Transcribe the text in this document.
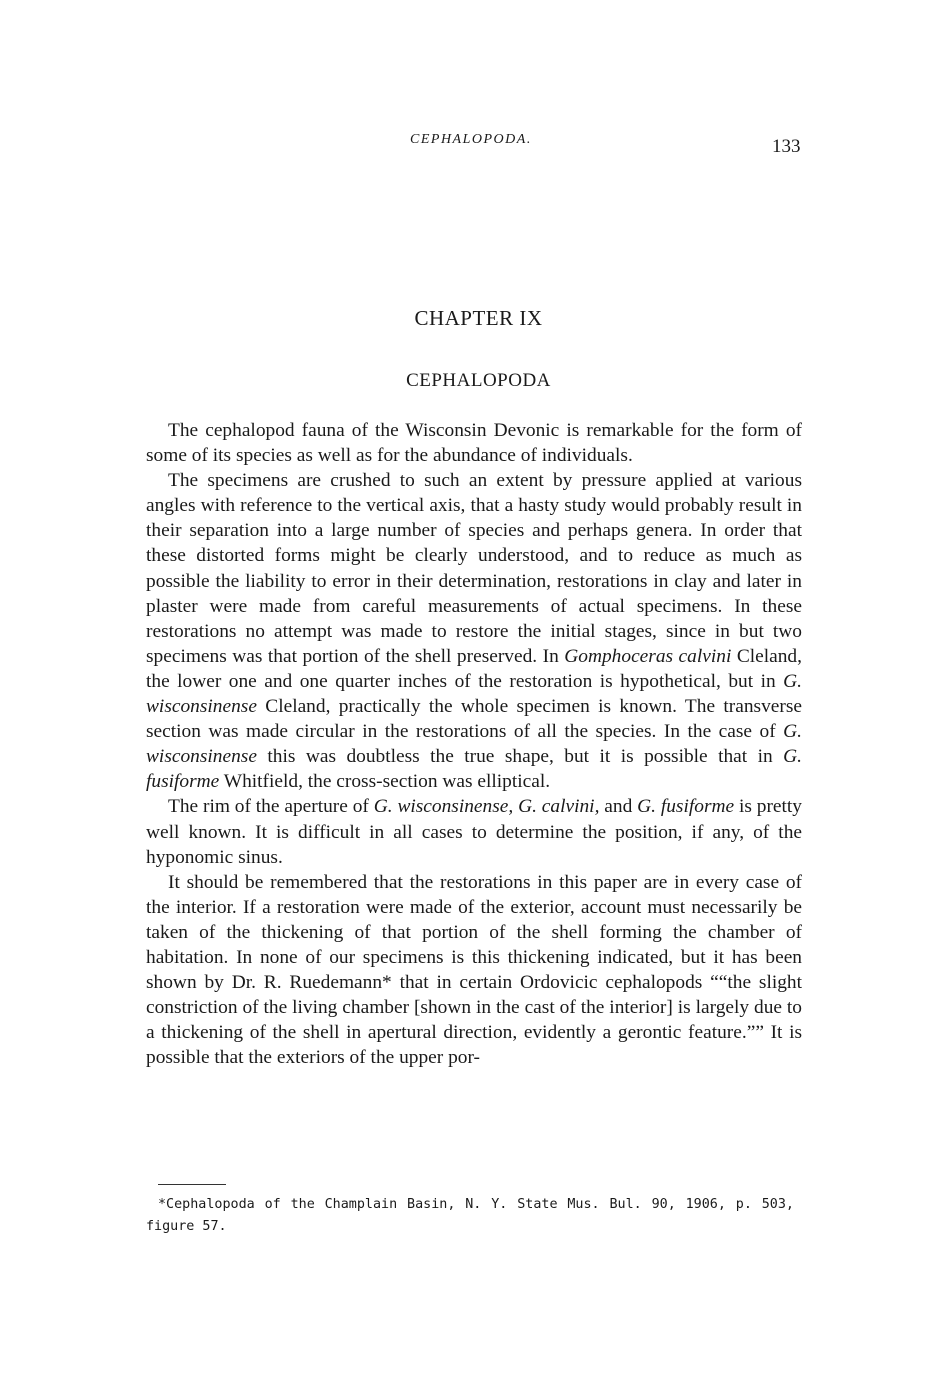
CEPHALOPODA.	133
CHAPTER IX
CEPHALOPODA

The cephalopod fauna of the Wisconsin Devonic is remarkable for the form of some of its species as well as for the abundance of individuals.

The specimens are crushed to such an extent by pressure applied at various angles with reference to the vertical axis, that a hasty study would probably result in their separation into a large number of species and perhaps genera. In order that these distorted forms might be clearly understood, and to reduce as much as possible the liability to error in their determination, restorations in clay and later in plaster were made from careful measurements of actual specimens. In these restorations no attempt was made to restore the initial stages, since in but two specimens was that portion of the shell preserved. In Gomphoceras calvini Cleland, the lower one and one quarter inches of the restoration is hypothetical, but in G. wisconsinense Cleland, practically the whole specimen is known. The transverse section was made circular in the restorations of all the species. In the case of G. wisconsinense this was doubtless the true shape, but it is possible that in G. fusiforme Whitfield, the cross-section was elliptical.

The rim of the aperture of G. wisconsinense, G. calvini, and G. fusiforme is pretty well known. It is difficult in all cases to determine the position, if any, of the hyponomic sinus.

It should be remembered that the restorations in this paper are in every case of the interior. If a restoration were made of the exterior, account must necessarily be taken of the thickening of that portion of the shell forming the chamber of habitation. In none of our specimens is this thickening indicated, but it has been shown by Dr. R. Ruedemann* that in certain Ordovicic cephalopods ““the slight constriction of the living chamber [shown in the cast of the interior] is largely due to a thickening of the shell in apertural direction, evidently a gerontic feature.”” It is possible that the exteriors of the upper por-

*Cephalopoda of the Champlain Basin, N. Y. State Mus. Bul. 90, 1906, p. 503, figure 57.
